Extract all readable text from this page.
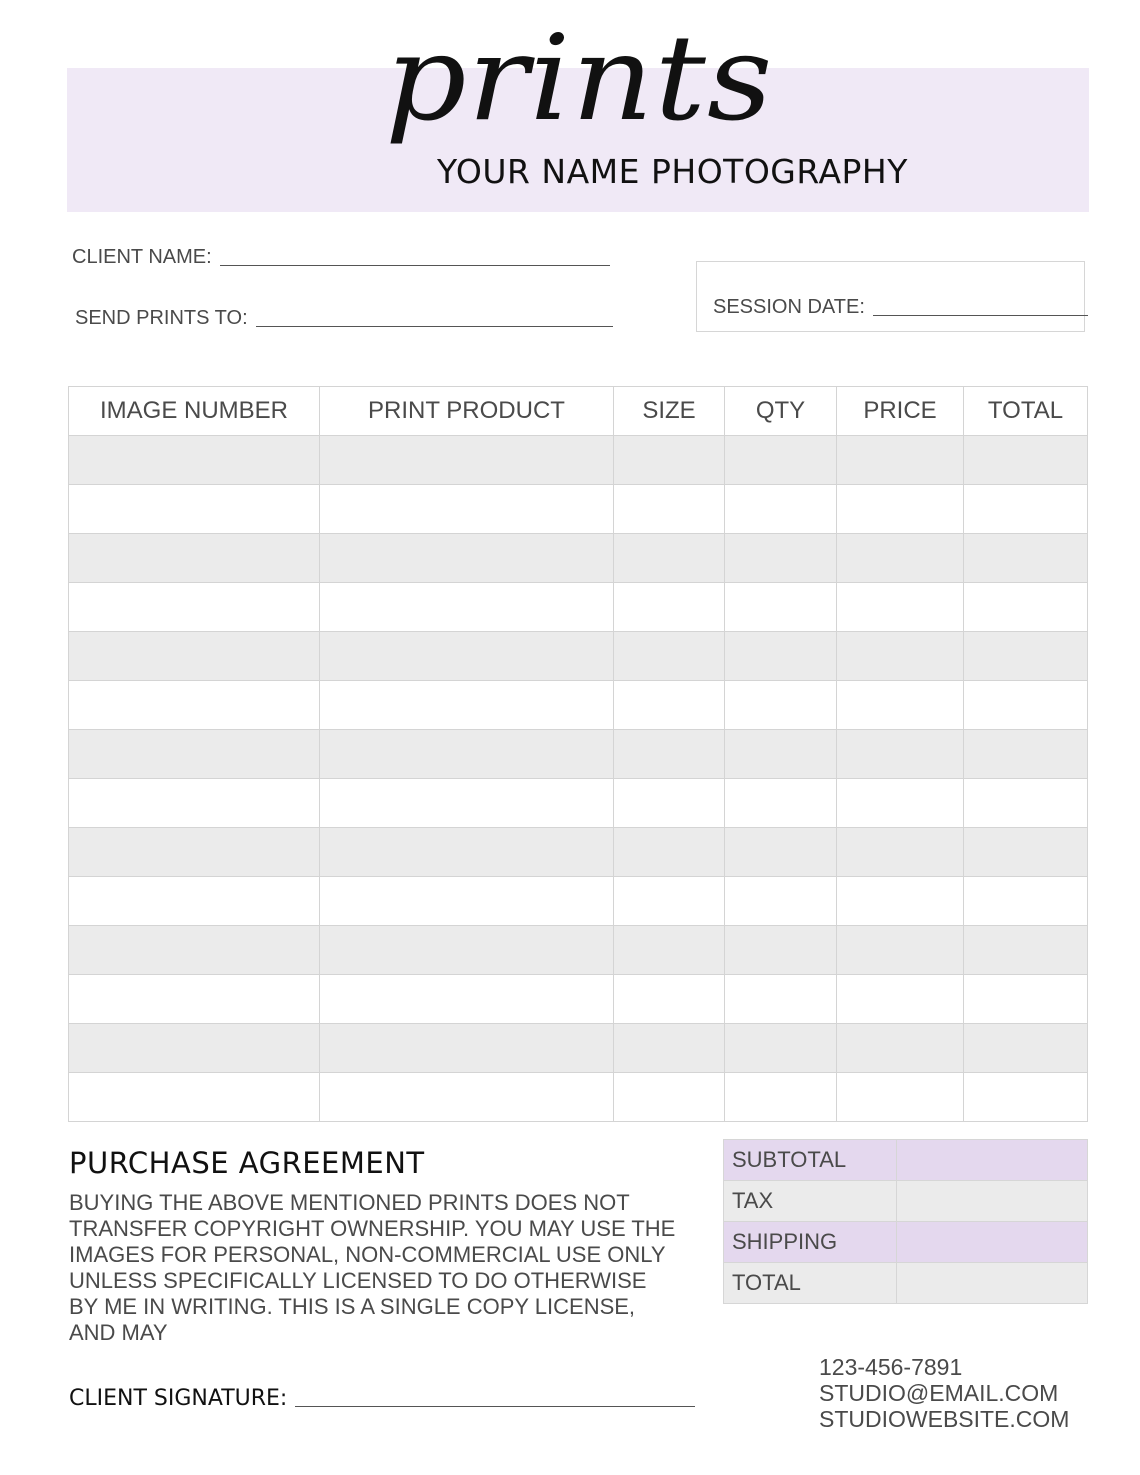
prints
YOUR NAME PHOTOGRAPHY
CLIENT NAME:
SEND PRINTS TO:	SESSION DATE:
IMAGE NUMBER	PRINT PRODUCT	SIZE	QTY	PRICE	TOTAL

PURCHASE AGREEMENT
BUYING THE ABOVE MENTIONED PRINTS DOES NOT TRANSFER COPYRIGHT OWNERSHIP. YOU MAY USE THE IMAGES FOR PERSONAL, NON-COMMERCIAL USE ONLY UNLESS SPECIFICALLY LICENSED TO DO OTHERWISE BY ME IN WRITING. THIS IS A SINGLE COPY LICENSE, AND MAY
SUBTOTAL	
TAX	
SHIPPING	
TOTAL	
CLIENT SIGNATURE:
123-456-7891
STUDIO@EMAIL.COM
STUDIOWEBSITE.COM
